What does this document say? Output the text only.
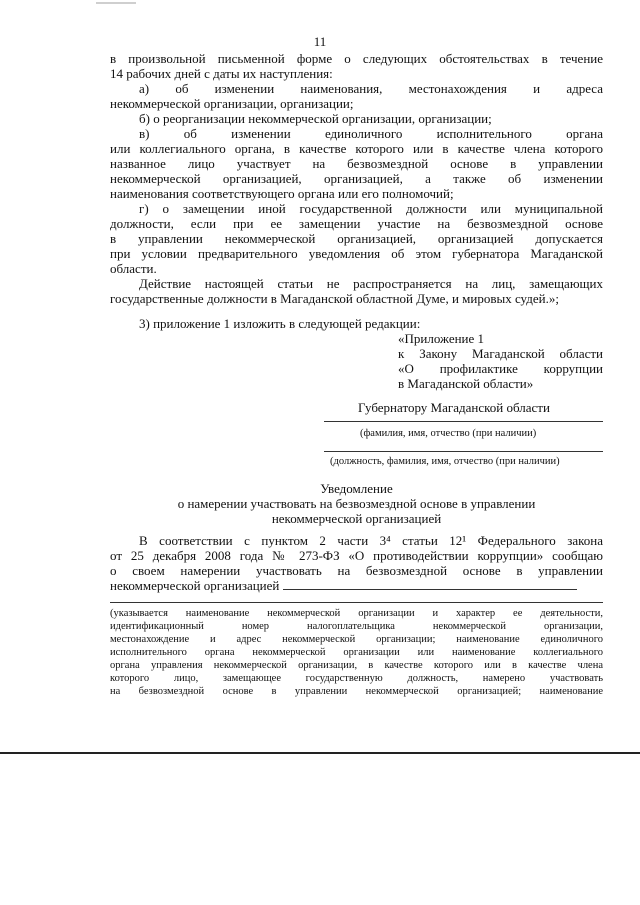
11
в произвольной письменной форме о следующих обстоятельствах в течение
14 рабочих дней с даты их наступления:
а) об изменении наименования, местонахождения и адреса
некоммерческой организации, организации;
б) о реорганизации некоммерческой организации, организации;
в) об изменении единоличного исполнительного органа
или коллегиального органа, в качестве которого или в качестве члена которого
названное лицо участвует на безвозмездной основе в управлении
некоммерческой организацией, организацией, а также об изменении
наименования соответствующего органа или его полномочий;
г) о замещении иной государственной должности или муниципальной
должности, если при ее замещении участие на безвозмездной основе
в управлении некоммерческой организацией, организацией допускается
при условии предварительного уведомления об этом губернатора Магаданской
области.
Действие настоящей статьи не распространяется на лиц, замещающих
государственные должности в Магаданской областной Думе, и мировых судей.»;
3) приложение 1 изложить в следующей редакции:
«Приложение 1
к Закону Магаданской области
«О профилактике коррупции
в Магаданской области»
Губернатору Магаданской области
(фамилия, имя, отчество (при наличии)
(должность, фамилия, имя, отчество (при наличии)
Уведомление
о намерении участвовать на безвозмездной основе в управлении
некоммерческой организацией
В соответствии с пунктом 2 части 3⁴ статьи 12¹ Федерального закона
от 25 декабря 2008 года № 273-ФЗ «О противодействии коррупции» сообщаю
о своем намерении участвовать на безвозмездной основе в управлении
некоммерческой организацией
(указывается наименование некоммерческой организации и характер ее деятельности,
идентификационный номер налогоплательщика некоммерческой организации,
местонахождение и адрес некоммерческой организации; наименование единоличного
исполнительного органа некоммерческой организации или наименование коллегиального
органа управления некоммерческой организации, в качестве которого или в качестве члена
которого лицо, замещающее государственную должность, намерено участвовать
на безвозмездной основе в управлении некоммерческой организацией; наименование
